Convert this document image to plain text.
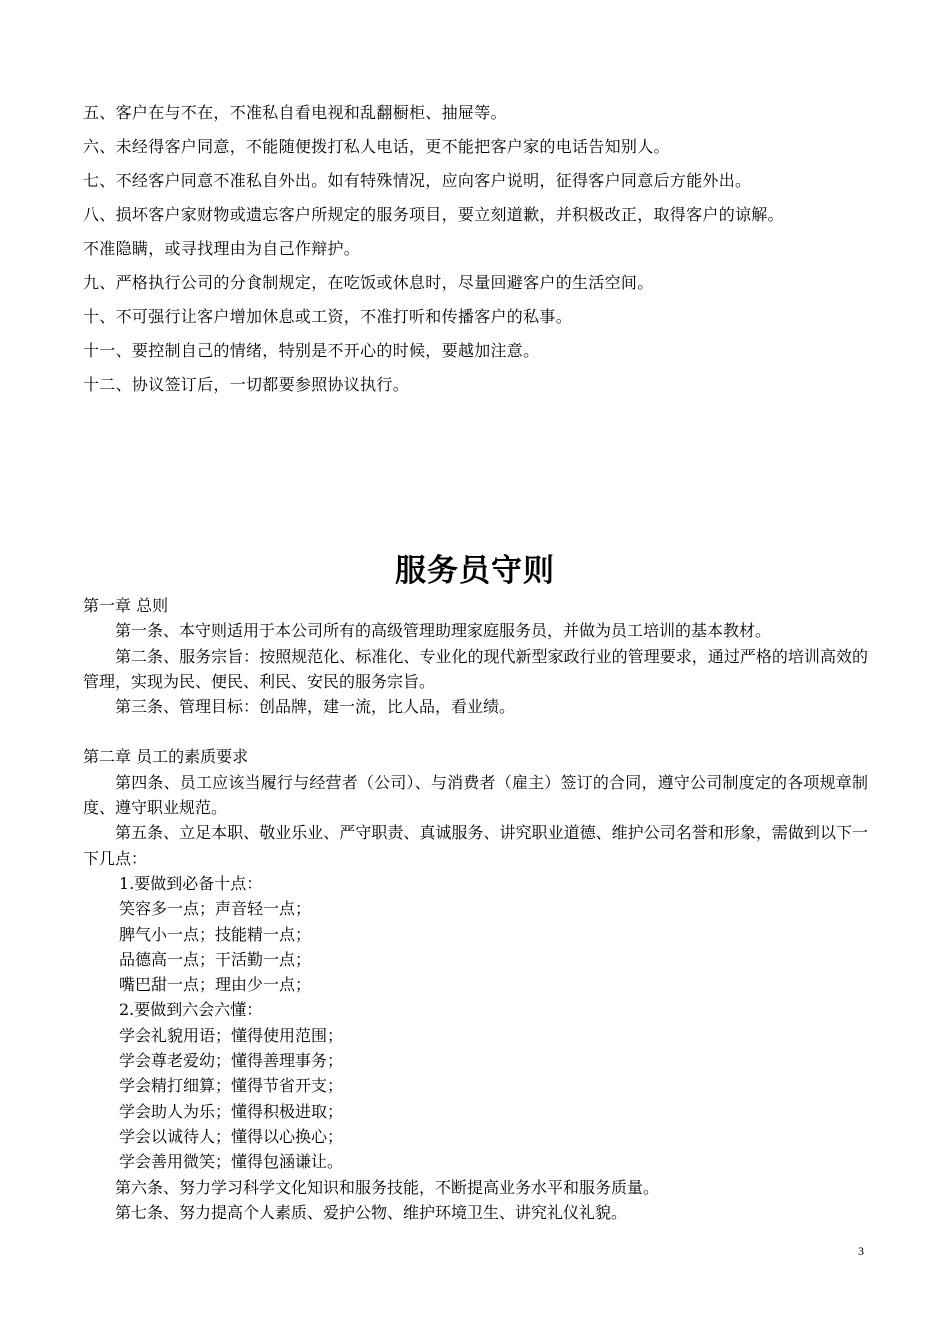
五、客户在与不在，不准私自看电视和乱翻橱柜、抽屉等。
六、未经得客户同意，不能随便拨打私人电话，更不能把客户家的电话告知别人。
七、不经客户同意不准私自外出。如有特殊情况，应向客户说明，征得客户同意后方能外出。
八、损坏客户家财物或遗忘客户所规定的服务项目，要立刻道歉，并积极改正，取得客户的谅解。
不准隐瞒，或寻找理由为自己作辩护。
九、严格执行公司的分食制规定，在吃饭或休息时，尽量回避客户的生活空间。
十、不可强行让客户增加休息或工资，不准打听和传播客户的私事。
十一、要控制自己的情绪，特别是不开心的时候，要越加注意。
十二、协议签订后，一切都要参照协议执行。
服务员守则

第一章 总则

第一条、本守则适用于本公司所有的高级管理助理家庭服务员，并做为员工培训的基本教材。

第二条、服务宗旨：按照规范化、标准化、专业化的现代新型家政行业的管理要求，通过严格的培训高效的管理，实现为民、便民、利民、安民的服务宗旨。

第三条、管理目标：创品牌，建一流，比人品，看业绩。

第二章 员工的素质要求

第四条、员工应该当履行与经营者（公司）、与消费者（雇主）签订的合同，遵守公司制度定的各项规章制度、遵守职业规范。

第五条、立足本职、敬业乐业、严守职责、真诚服务、讲究职业道德、维护公司名誉和形象，需做到以下一下几点：

1.要做到必备十点：

笑容多一点；声音轻一点；

脾气小一点；技能精一点；

品德高一点；干活勤一点；

嘴巴甜一点；理由少一点；

2.要做到六会六懂：

学会礼貌用语；懂得使用范围；

学会尊老爱幼；懂得善理事务；

学会精打细算；懂得节省开支；

学会助人为乐；懂得积极进取；

学会以诚待人；懂得以心换心；

学会善用微笑；懂得包涵谦让。

第六条、努力学习科学文化知识和服务技能，不断提高业务水平和服务质量。

第七条、努力提高个人素质、爱护公物、维护环境卫生、讲究礼仪礼貌。

3
